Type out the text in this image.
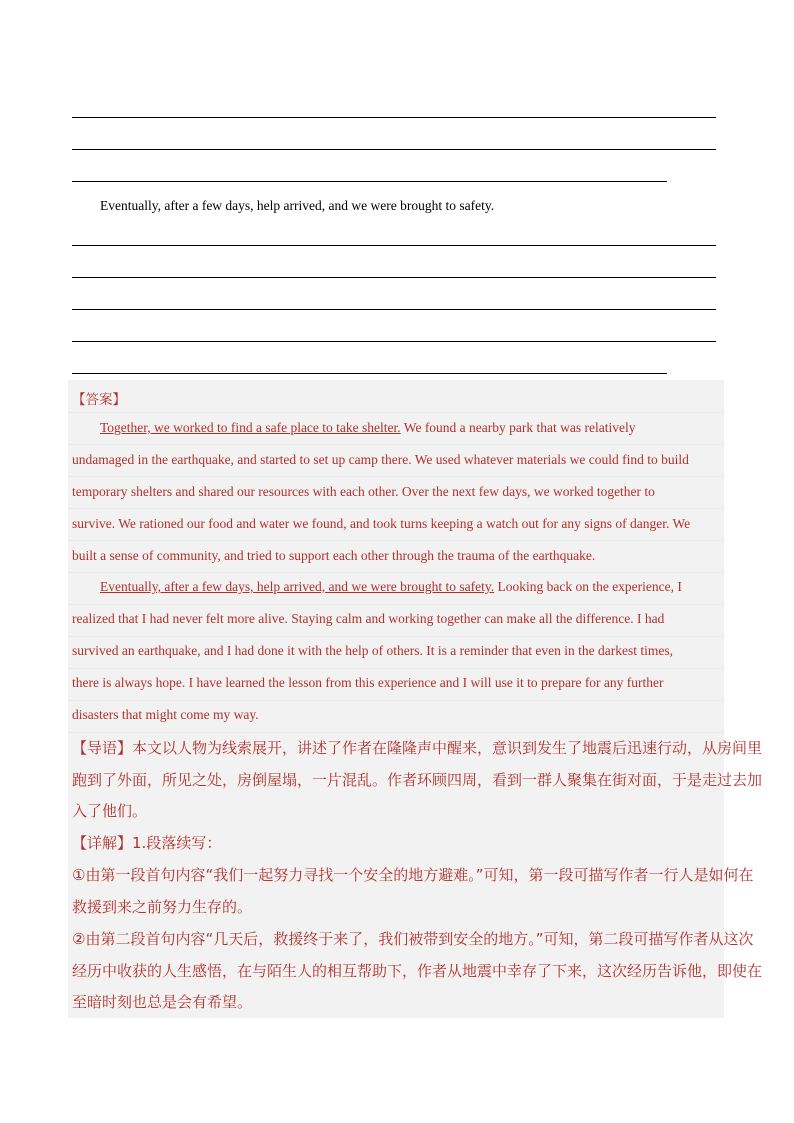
Eventually, after a few days, help arrived, and we were brought to safety.
【答案】
Together, we worked to find a safe place to take shelter. We found a nearby park that was relatively
undamaged in the earthquake, and started to set up camp there. We used whatever materials we could find to build
temporary shelters and shared our resources with each other. Over the next few days, we worked together to
survive. We rationed our food and water we found, and took turns keeping a watch out for any signs of danger. We
built a sense of community, and tried to support each other through the trauma of the earthquake.
Eventually, after a few days, help arrived, and we were brought to safety. Looking back on the experience, I
realized that I had never felt more alive. Staying calm and working together can make all the difference. I had
survived an earthquake, and I had done it with the help of others. It is a reminder that even in the darkest times,
there is always hope. I have learned the lesson from this experience and I will use it to prepare for any further
disasters that might come my way.
【导语】本文以人物为线索展开，讲述了作者在隆隆声中醒来，意识到发生了地震后迅速行动，从房间里
跑到了外面，所见之处，房倒屋塌，一片混乱。作者环顾四周，看到一群人聚集在街对面，于是走过去加
入了他们。
【详解】1.段落续写：
①由第一段首句内容“我们一起努力寻找一个安全的地方避难。”可知，第一段可描写作者一行人是如何在
救援到来之前努力生存的。
②由第二段首句内容“几天后，救援终于来了，我们被带到安全的地方。”可知，第二段可描写作者从这次
经历中收获的人生感悟，在与陌生人的相互帮助下，作者从地震中幸存了下来，这次经历告诉他，即使在
至暗时刻也总是会有希望。
